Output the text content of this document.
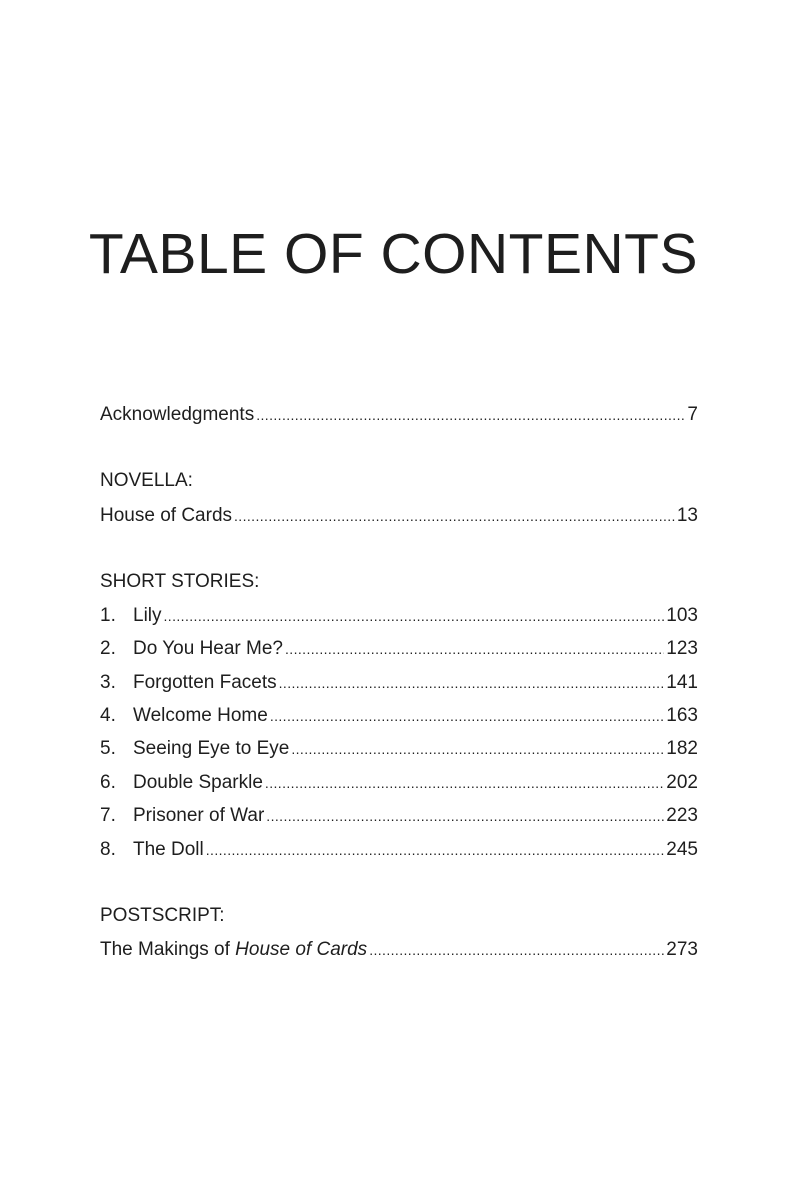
TABLE OF CONTENTS
Acknowledgments .....	7
NOVELLA:
House of Cards .....	13
SHORT STORIES:
1. Lily .....	103
2. Do You Hear Me? .....	123
3. Forgotten Facets .....	141
4. Welcome Home .....	163
5. Seeing Eye to Eye .....	182
6. Double Sparkle .....	202
7. Prisoner of War .....	223
8. The Doll .....	245
POSTSCRIPT:
The Makings of House of Cards .....	273
